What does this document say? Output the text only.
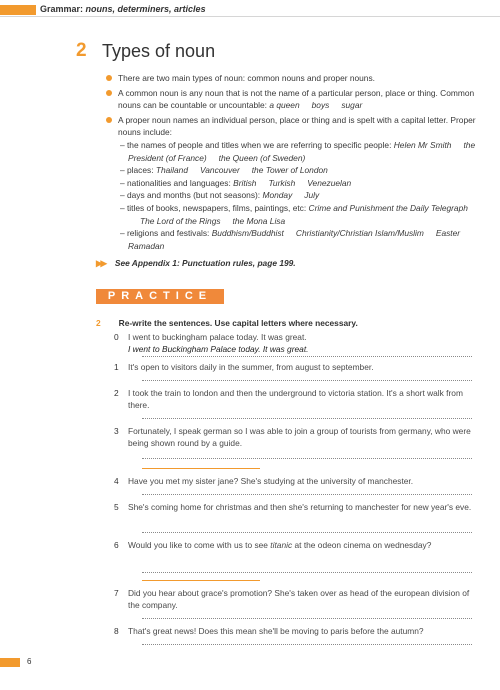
Grammar: nouns, determiners, articles
2 Types of noun
There are two main types of noun: common nouns and proper nouns.
A common noun is any noun that is not the name of a particular person, place or thing. Common nouns can be countable or uncountable: a queen boys sugar
A proper noun names an individual person, place or thing and is spelt with a capital letter. Proper nouns include:
– the names of people and titles when we are referring to specific people: Helen Mr Smith the President (of France) the Queen (of Sweden)
– places: Thailand Vancouver the Tower of London
– nationalities and languages: British Turkish Venezuelan
– days and months (but not seasons): Monday July
– titles of books, newspapers, films, paintings, etc: Crime and Punishment the Daily TelegraphThe Lord of the Rings the Mona Lisa
– religions and festivals: Buddhism/Buddhist Christianity/Christian Islam/Muslim EasterRamadan
▶▶ See Appendix 1: Punctuation rules, page 199.
PRACTICE
2 Re-write the sentences. Use capital letters where necessary.
0 I went to buckingham palace today. It was great.
I went to Buckingham Palace today. It was great.
1 It's open to visitors daily in the summer, from august to september.
2 I took the train to london and then the underground to victoria station. It's a short walk from there.
3 Fortunately, I speak german so I was able to join a group of tourists from germany, who were being shown round by a guide.
4 Have you met my sister jane? She's studying at the university of manchester.
5 She's coming home for christmas and then she's returning to manchester for new year's eve.
6 Would you like to come with us to see titanic at the odeon cinema on wednesday?
7 Did you hear about grace's promotion? She's taken over as head of the european division of the company.
8 That's great news! Does this mean she'll be moving to paris before the autumn?
6
